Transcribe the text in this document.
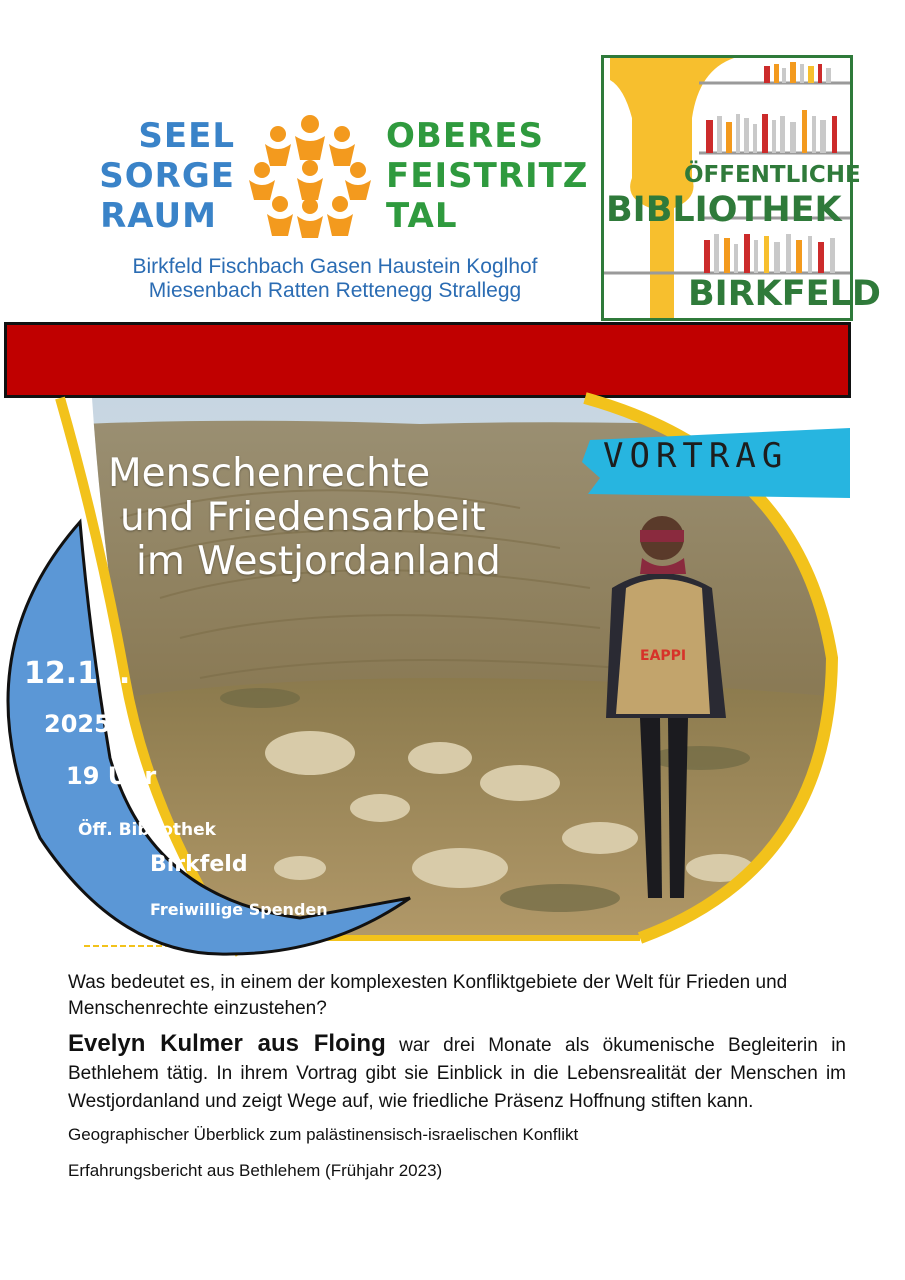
SEEL
SORGE
RAUM
OBERES
FEISTRITZ
TAL
Birkfeld Fischbach Gasen Haustein Koglhof
Miesenbach Ratten Rettenegg Strallegg
ÖFFENTLICHE
BIBLIOTHEK
BIRKFELD
Menschenrechte
und Friedensarbeit
im Westjordanland
VORTRAG
EAPPI
12.12.
2025
19 Uhr
Öff. Bibliothek
Birkfeld
Freiwillige Spenden

Was bedeutet es, in einem der komplexesten Konfliktgebiete der Welt für Frieden und Menschenrechte einzustehen?

Evelyn Kulmer aus Floing war drei Monate als ökumenische Begleiterin in Bethlehem tätig. In ihrem Vortrag gibt sie Einblick in die Lebensrealität der Menschen im Westjordanland und zeigt Wege auf, wie friedliche Präsenz Hoffnung stiften kann.

Geographischer Überblick zum palästinensisch-israelischen Konflikt

Erfahrungsbericht aus Bethlehem (Frühjahr 2023)
